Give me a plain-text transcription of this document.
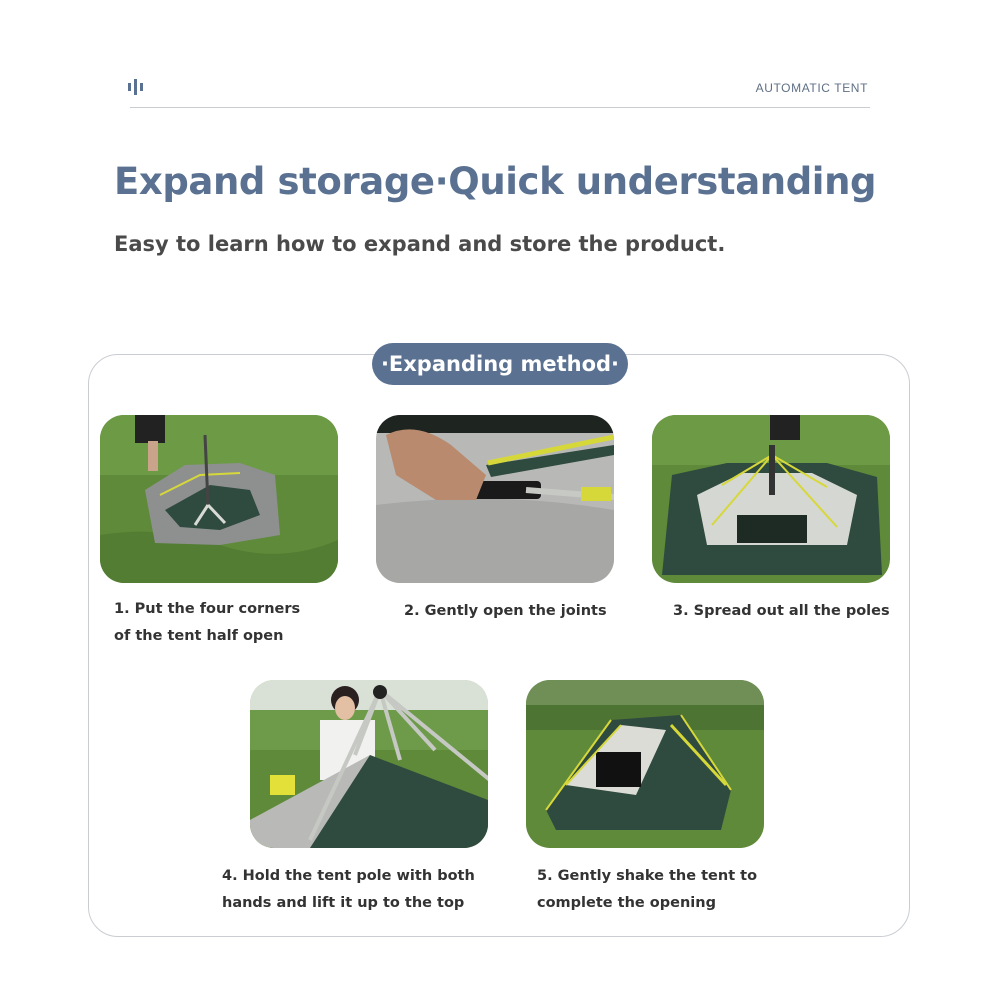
AUTOMATIC TENT
Expand storage·Quick understanding
Easy to learn how to expand and store the product.
·Expanding method·
1. Put the four corners
of the tent half open
2. Gently open the joints	3. Spread out all the poles
4. Hold the tent pole with both
hands and lift it up to the top
5. Gently shake the tent to
complete the opening
